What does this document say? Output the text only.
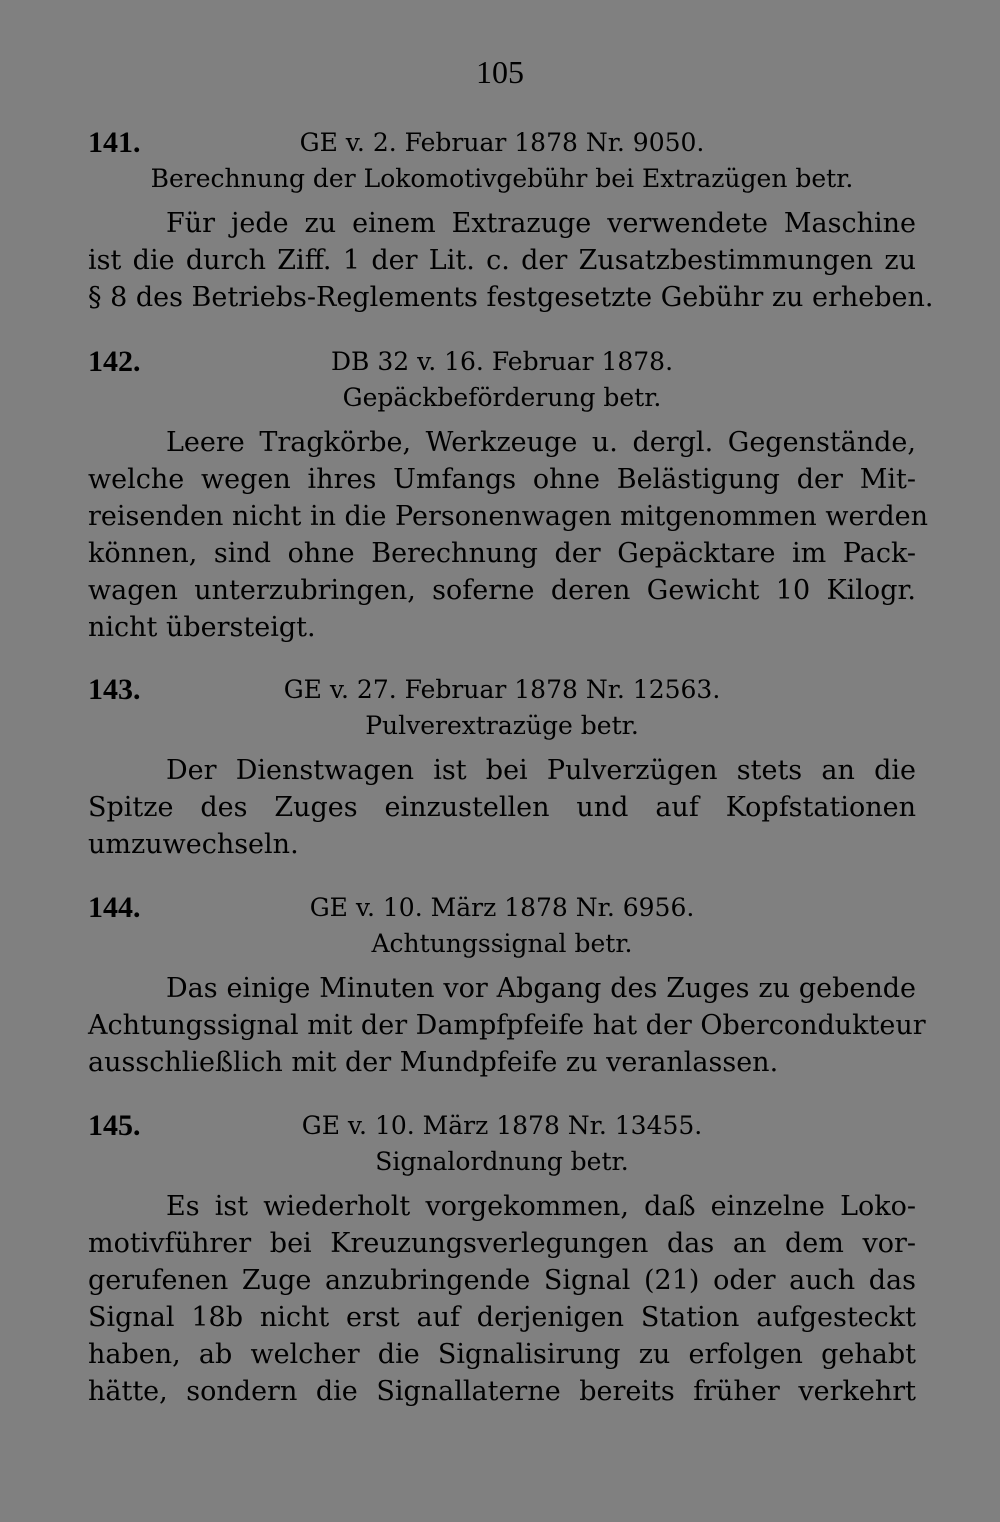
105
141.	GE v. 2. Februar 1878 Nr. 9050.
Berechnung der Lokomotivgebühr bei Extrazügen betr.
Für jede zu einem Extrazuge verwendete Maschine
ist die durch Ziff. 1 der Lit. c. der Zusatzbestimmungen zu
§ 8 des Betriebs-Reglements festgesetzte Gebühr zu erheben.
142.	DB 32 v. 16. Februar 1878.
Gepäckbeförderung betr.
Leere Tragkörbe, Werkzeuge u. dergl. Gegenstände,
welche wegen ihres Umfangs ohne Belästigung der Mit-
reisenden nicht in die Personenwagen mitgenommen werden
können, sind ohne Berechnung der Gepäcktare im Pack-
wagen unterzubringen, soferne deren Gewicht 10 Kilogr.
nicht übersteigt.
143.	GE v. 27. Februar 1878 Nr. 12563.
Pulverextrazüge betr.
Der Dienstwagen ist bei Pulverzügen stets an die
Spitze des Zuges einzustellen und auf Kopfstationen
umzuwechseln.
144.	GE v. 10. März 1878 Nr. 6956.
Achtungssignal betr.
Das einige Minuten vor Abgang des Zuges zu gebende
Achtungssignal mit der Dampfpfeife hat der Obercondukteur
ausschließlich mit der Mundpfeife zu veranlassen.
145.	GE v. 10. März 1878 Nr. 13455.
Signalordnung betr.
Es ist wiederholt vorgekommen, daß einzelne Loko-
motivführer bei Kreuzungsverlegungen das an dem vor-
gerufenen Zuge anzubringende Signal (21) oder auch das
Signal 18b nicht erst auf derjenigen Station aufgesteckt
haben, ab welcher die Signalisirung zu erfolgen gehabt
hätte, sondern die Signallaterne bereits früher verkehrt
